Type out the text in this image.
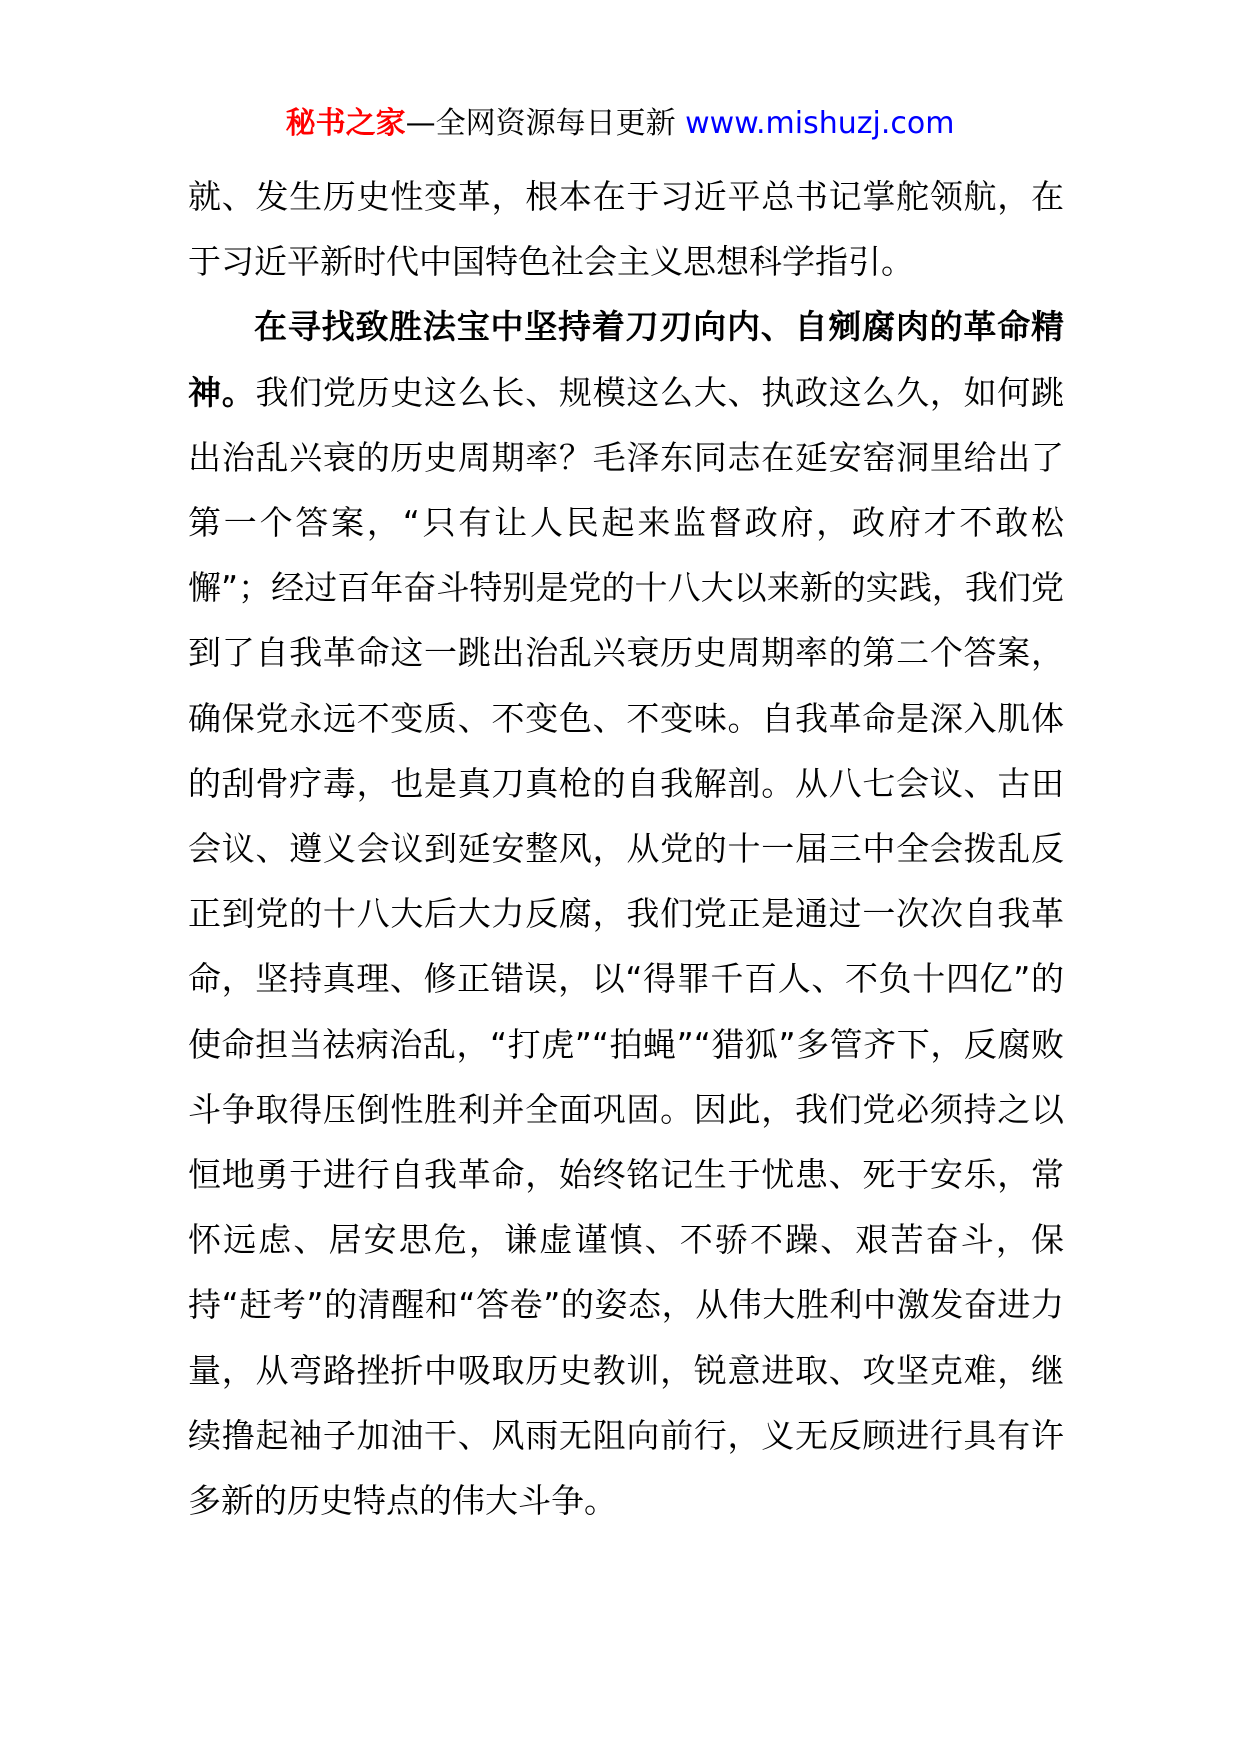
秘书之家—全网资源每日更新 www.mishuzj.com

就、发生历史性变革，根本在于习近平总书记掌舵领航，在于习近平新时代中国特色社会主义思想科学指引。

在寻找致胜法宝中坚持着刀刃向内、自剜腐肉的革命精神。我们党历史这么长、规模这么大、执政这么久，如何跳出治乱兴衰的历史周期率？毛泽东同志在延安窑洞里给出了第一个答案，“只有让人民起来监督政府，政府才不敢松懈”；经过百年奋斗特别是党的十八大以来新的实践，我们党到了自我革命这一跳出治乱兴衰历史周期率的第二个答案，确保党永远不变质、不变色、不变味。自我革命是深入肌体的刮骨疗毒，也是真刀真枪的自我解剖。从八七会议、古田会议、遵义会议到延安整风，从党的十一届三中全会拨乱反正到党的十八大后大力反腐，我们党正是通过一次次自我革命，坚持真理、修正错误，以“得罪千百人、不负十四亿”的使命担当祛病治乱，“打虎”“拍蝇”“猎狐”多管齐下，反腐败斗争取得压倒性胜利并全面巩固。因此，我们党必须持之以恒地勇于进行自我革命，始终铭记生于忧患、死于安乐，常怀远虑、居安思危，谦虚谨慎、不骄不躁、艰苦奋斗，保持“赶考”的清醒和“答卷”的姿态，从伟大胜利中激发奋进力量，从弯路挫折中吸取历史教训，锐意进取、攻坚克难，继续撸起袖子加油干、风雨无阻向前行，义无反顾进行具有许多新的历史特点的伟大斗争。
